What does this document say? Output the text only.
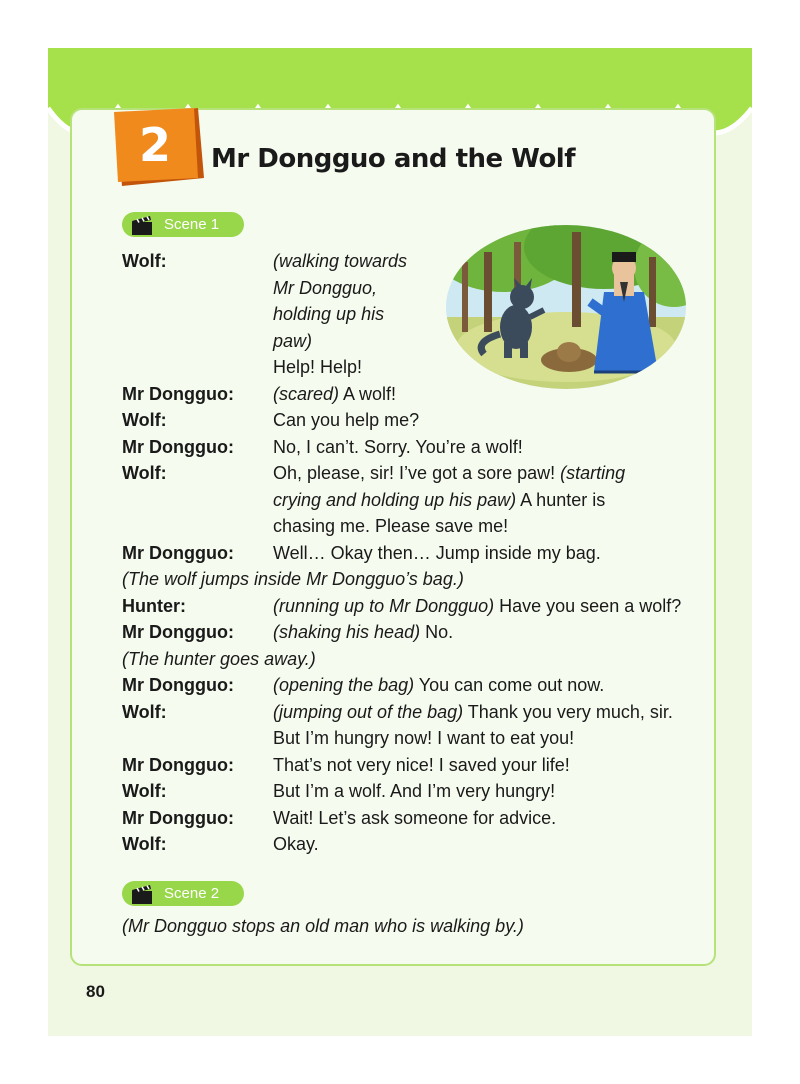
2	Mr Dongguo and the Wolf
Scene 1
Wolf:	(walking towards
Mr Dongguo,
holding up his
paw)
Help! Help!
Mr Dongguo: (scared) A wolf!
Wolf:	Can you help me?
Mr Dongguo: No, I can’t. Sorry. You’re a wolf!
Wolf:	Oh, please, sir! I’ve got a sore paw! (starting
crying and holding up his paw) A hunter is
chasing me. Please save me!
Mr Dongguo: Well… Okay then… Jump inside my bag.
(The wolf jumps inside Mr Dongguo’s bag.)
Hunter:	(running up to Mr Dongguo) Have you seen a wolf?
Mr Dongguo: (shaking his head) No.
(The hunter goes away.)
Mr Dongguo: (opening the bag) You can come out now.
Wolf:	(jumping out of the bag) Thank you very much, sir.
But I’m hungry now! I want to eat you!
Mr Dongguo: That’s not very nice! I saved your life!
Wolf:	But I’m a wolf. And I’m very hungry!
Mr Dongguo: Wait! Let’s ask someone for advice.
Wolf:	Okay.
Scene 2
(Mr Dongguo stops an old man who is walking by.)
80
